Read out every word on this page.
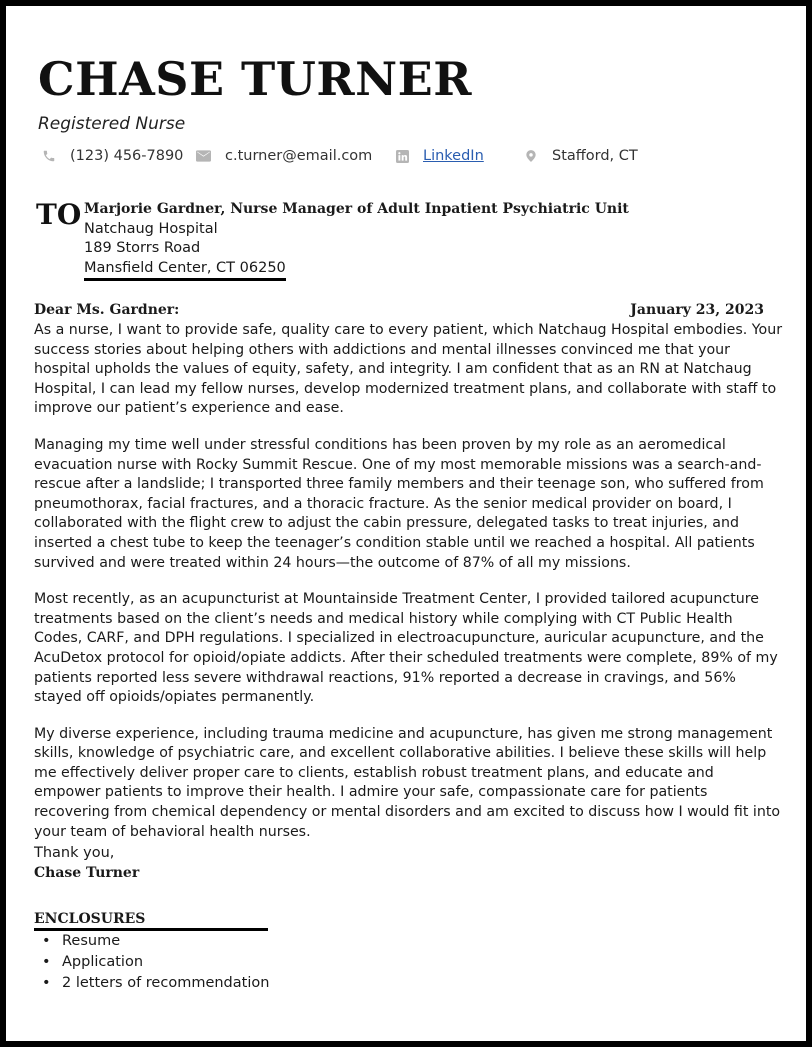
CHASE TURNER
Registered Nurse
(123) 456-7890	c.turner@email.com	LinkedIn	Stafford, CT
TO Marjorie Gardner, Nurse Manager of Adult Inpatient Psychiatric Unit
Natchaug Hospital
189 Storrs Road
Mansfield Center, CT 06250
Dear Ms. Gardner:	January 23, 2023

As a nurse, I want to provide safe, quality care to every patient, which Natchaug Hospital embodies. Your success stories about helping others with addictions and mental illnesses convinced me that your hospital upholds the values of equity, safety, and integrity. I am confident that as an RN at Natchaug Hospital, I can lead my fellow nurses, develop modernized treatment plans, and collaborate with staff to improve our patient’s experience and ease.

Managing my time well under stressful conditions has been proven by my role as an aeromedical evacuation nurse with Rocky Summit Rescue. One of my most memorable missions was a search-and-rescue after a landslide; I transported three family members and their teenage son, who suffered from pneumothorax, facial fractures, and a thoracic fracture. As the senior medical provider on board, I collaborated with the flight crew to adjust the cabin pressure, delegated tasks to treat injuries, and inserted a chest tube to keep the teenager’s condition stable until we reached a hospital. All patients survived and were treated within 24 hours—the outcome of 87% of all my missions.

Most recently, as an acupuncturist at Mountainside Treatment Center, I provided tailored acupuncture treatments based on the client’s needs and medical history while complying with CT Public Health Codes, CARF, and DPH regulations. I specialized in electroacupuncture, auricular acupuncture, and the AcuDetox protocol for opioid/opiate addicts. After their scheduled treatments were complete, 89% of my patients reported less severe withdrawal reactions, 91% reported a decrease in cravings, and 56% stayed off opioids/opiates permanently.

My diverse experience, including trauma medicine and acupuncture, has given me strong management skills, knowledge of psychiatric care, and excellent collaborative abilities. I believe these skills will help me effectively deliver proper care to clients, establish robust treatment plans, and educate and empower patients to improve their health. I admire your safe, compassionate care for patients recovering from chemical dependency or mental disorders and am excited to discuss how I would fit into your team of behavioral health nurses.

Thank you,
Chase Turner
ENCLOSURES
• Resume
• Application
• 2 letters of recommendation
